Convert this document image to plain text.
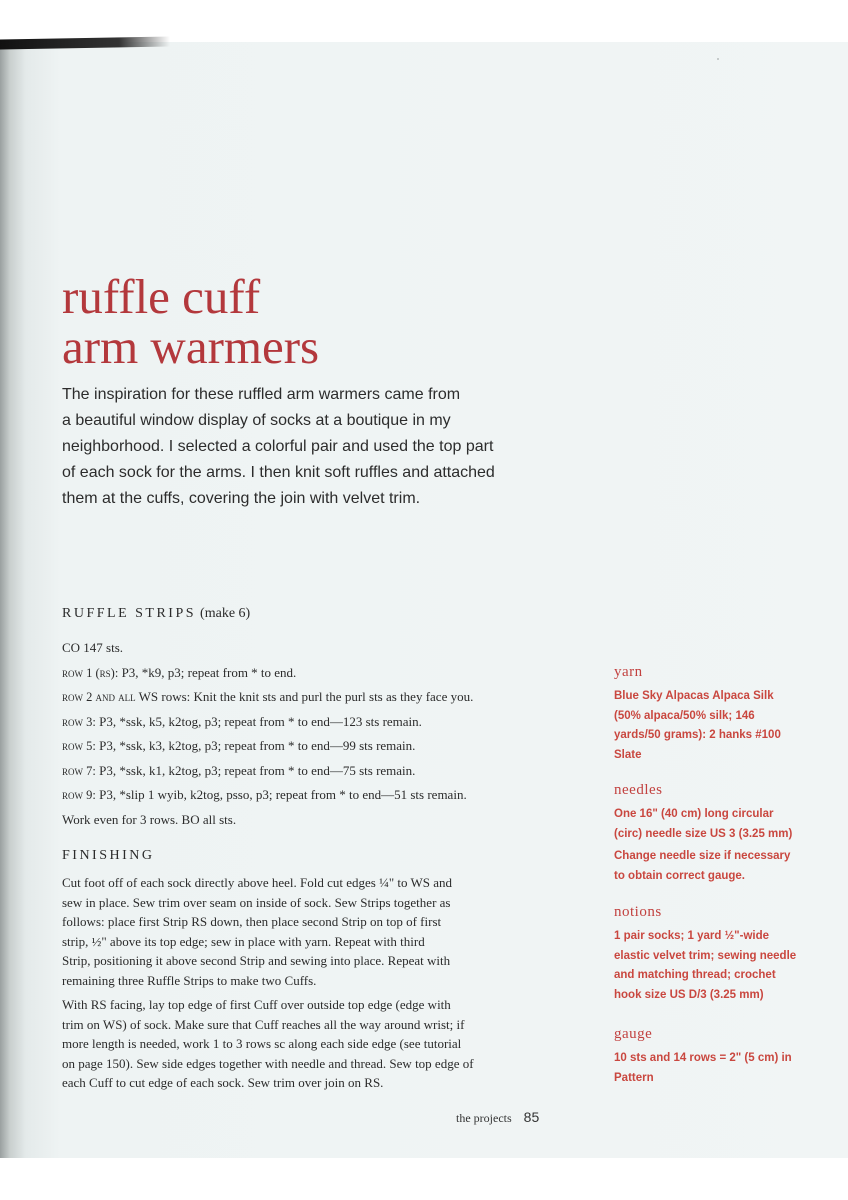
ruffle cuff
arm warmers

The inspiration for these ruffled arm warmers came from
a beautiful window display of socks at a boutique in my
neighborhood. I selected a colorful pair and used the top part
of each sock for the arms. I then knit soft ruffles and attached
them at the cuffs, covering the join with velvet trim.

RUFFLE STRIPS (make 6)
CO 147 sts.
row 1 (rs): P3, *k9, p3; repeat from * to end.
row 2 and all WS rows: Knit the knit sts and purl the purl sts as they face you.
row 3: P3, *ssk, k5, k2tog, p3; repeat from * to end—123 sts remain.
row 5: P3, *ssk, k3, k2tog, p3; repeat from * to end—99 sts remain.
row 7: P3, *ssk, k1, k2tog, p3; repeat from * to end—75 sts remain.
row 9: P3, *slip 1 wyib, k2tog, psso, p3; repeat from * to end—51 sts remain.
Work even for 3 rows. BO all sts.
FINISHING

Cut foot off of each sock directly above heel. Fold cut edges ¼" to WS and
sew in place. Sew trim over seam on inside of sock. Sew Strips together as
follows: place first Strip RS down, then place second Strip on top of first
strip, ½" above its top edge; sew in place with yarn. Repeat with third
Strip, positioning it above second Strip and sewing into place. Repeat with
remaining three Ruffle Strips to make two Cuffs.

With RS facing, lay top edge of first Cuff over outside top edge (edge with
trim on WS) of sock. Make sure that Cuff reaches all the way around wrist; if
more length is needed, work 1 to 3 rows sc along each side edge (see tutorial
on page 150). Sew side edges together with needle and thread. Sew top edge of
each Cuff to cut edge of each sock. Sew trim over join on RS.

yarn

Blue Sky Alpacas Alpaca Silk
(50% alpaca/50% silk; 146
yards/50 grams): 2 hanks #100
Slate

needles

One 16" (40 cm) long circular
(circ) needle size US 3 (3.25 mm)

Change needle size if necessary
to obtain correct gauge.

notions

1 pair socks; 1 yard ½"-wide
elastic velvet trim; sewing needle
and matching thread; crochet
hook size US D/3 (3.25 mm)

gauge

10 sts and 14 rows = 2" (5 cm) in
Pattern

the projects 85
